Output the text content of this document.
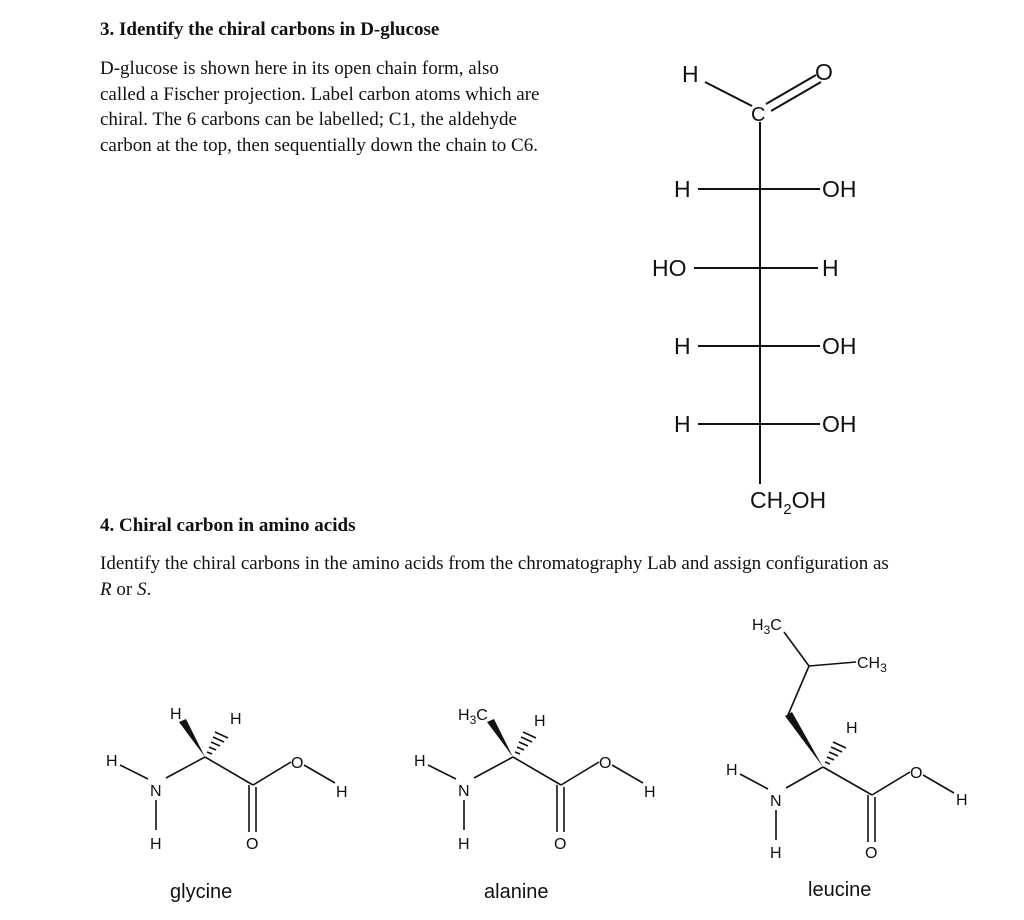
3. Identify the chiral carbons in D-glucose

D-glucose is shown here in its open chain form, also called a Fischer projection. Label carbon atoms which are chiral. The 6 carbons can be labelled; C1, the aldehyde carbon at the top, then sequentially down the chain to C6.

4. Chiral carbon in amino acids

Identify the chiral carbons in the amino acids from the chromatography Lab and assign configuration as R or S.

H
C
O
H	OH
HO	H
H	OH
H	OH
$CH_2OH$
H	H
H
N
H
O
H
O
glycine
$H_3C$	H
H
N
H
O
H
O
alanine
$H_3C$
$CH_3$
H
H
N
H
O
H
O
leucine
